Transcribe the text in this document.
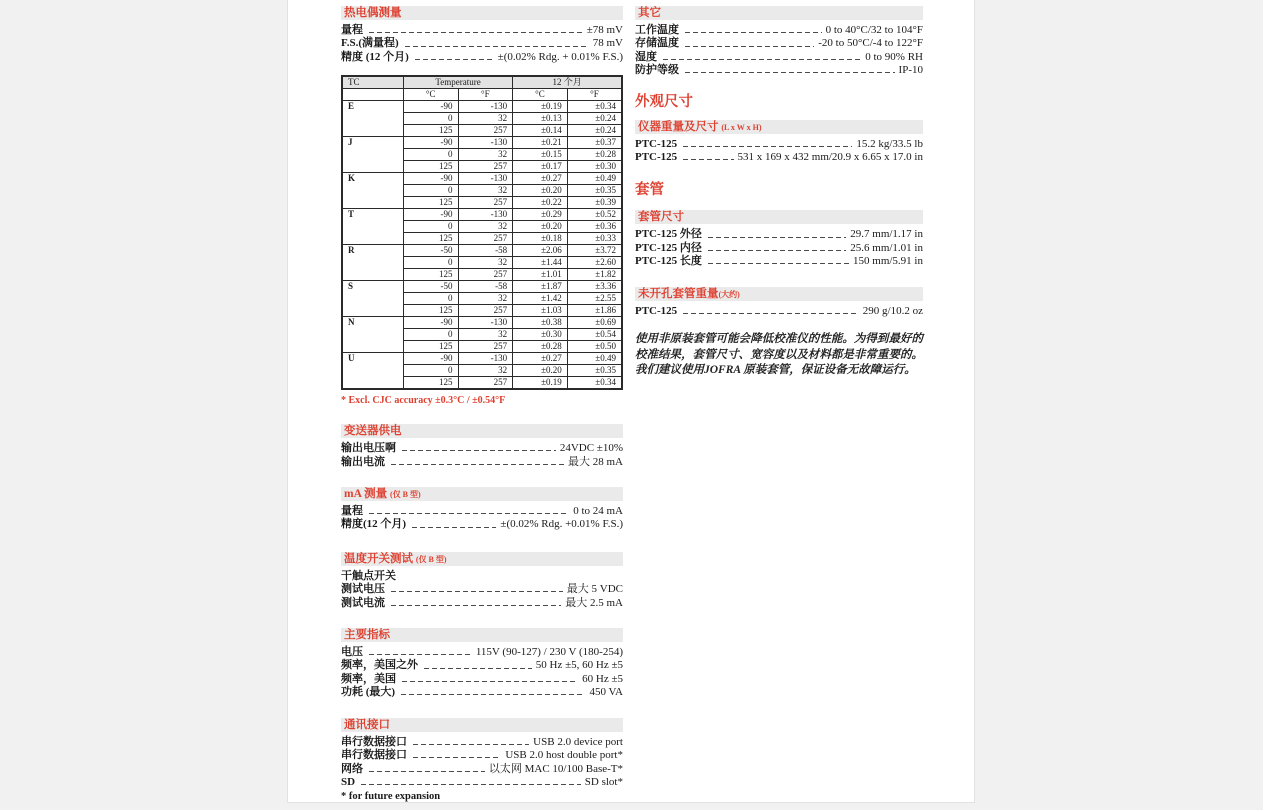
热电偶测量
量程	±78 mV
F.S.(满量程)	78 mV
精度 (12 个月)	±(0.02% Rdg. + 0.01% F.S.)
TC	Temperature		12 个月	
	°C	°F	°C	°F
E	-90	-130	±0.19	±0.34
	0	32	±0.13	±0.24
	125	257	±0.14	±0.24
J	-90	-130	±0.21	±0.37
	0	32	±0.15	±0.28
	125	257	±0.17	±0.30
K	-90	-130	±0.27	±0.49
	0	32	±0.20	±0.35
	125	257	±0.22	±0.39
T	-90	-130	±0.29	±0.52
	0	32	±0.20	±0.36
	125	257	±0.18	±0.33
R	-50	-58	±2.06	±3.72
	0	32	±1.44	±2.60
	125	257	±1.01	±1.82
S	-50	-58	±1.87	±3.36
	0	32	±1.42	±2.55
	125	257	±1.03	±1.86
N	-90	-130	±0.38	±0.69
	0	32	±0.30	±0.54
	125	257	±0.28	±0.50
U	-90	-130	±0.27	±0.49
	0	32	±0.20	±0.35
	125	257	±0.19	±0.34
* Excl. CJC accuracy ±0.3°C / ±0.54°F
变送器供电
输出电压啊	24VDC ±10%
输出电流	最大 28 mA
mA 测量 (仅 B 型)
量程	0 to 24 mA
精度(12 个月)	±(0.02% Rdg. +0.01% F.S.)
温度开关测试 (仅 B 型)
干触点开关
测试电压	最大 5 VDC
测试电流	最大 2.5 mA
主要指标
电压	115V (90-127) / 230 V (180-254)
频率，美国之外	50 Hz ±5, 60 Hz ±5
频率，美国	60 Hz ±5
功耗 (最大)	450 VA
通讯接口
串行数据接口	USB 2.0 device port
串行数据接口	USB 2.0 host double port*
网络	以太网 MAC 10/100 Base-T*
SD	SD slot*
* for future expansion
其它
工作温度	0 to 40°C/32 to 104°F
存储温度	-20 to 50°C/-4 to 122°F
湿度	0 to 90% RH
防护等级	IP-10
外观尺寸
仪器重量及尺寸 (L x W x H)
PTC-125	15.2 kg/33.5 lb
PTC-125	531 x 169 x 432 mm/20.9 x 6.65 x 17.0 in
套管
套管尺寸
PTC-125 外径	29.7 mm/1.17 in
PTC-125 内径	25.6 mm/1.01 in
PTC-125 长度	150 mm/5.91 in
未开孔套管重量(大约)
PTC-125	290 g/10.2 oz
使用非原装套管可能会降低校准仪的性能。为得到最好的校准结果，套管尺寸、宽容度以及材料都是非常重要的。我们建议使用JOFRA 原装套管，保证设备无故障运行。
